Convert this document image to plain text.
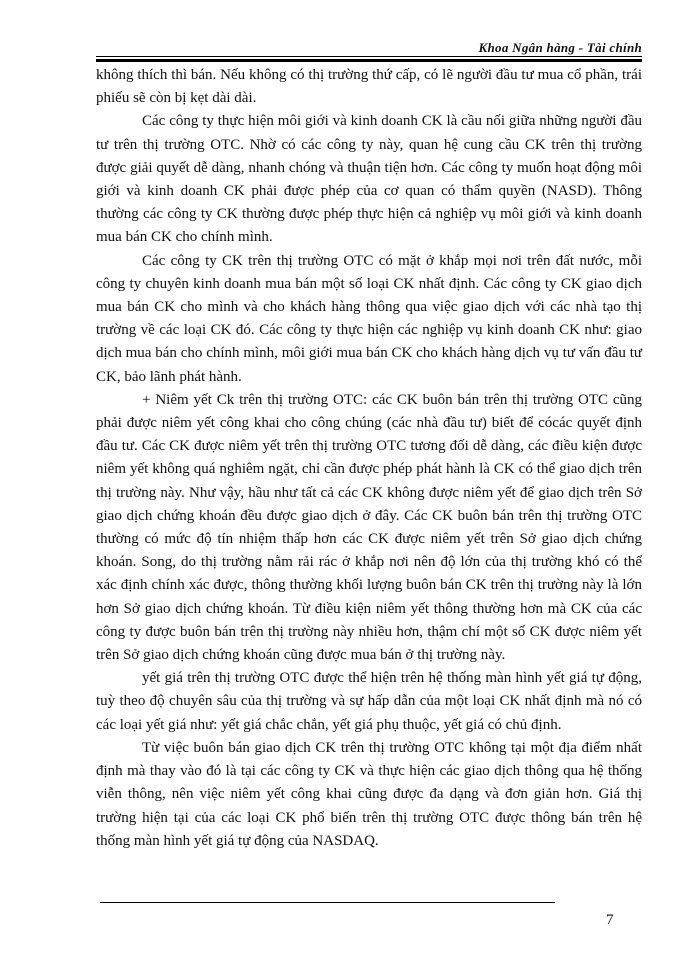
Khoa Ngân hàng - Tài chính

không thích thì bán. Nếu không có thị trường thứ cấp, có lẽ người đầu tư mua cổ phần, trái phiếu sẽ còn bị kẹt dài dài.

Các công ty thực hiện môi giới và kinh doanh CK là cầu nối giữa những người đầu tư trên thị trường OTC. Nhờ có các công ty này, quan hệ cung cầu CK trên thị trường được giải quyết dễ dàng, nhanh chóng và thuận tiện hơn. Các công ty muốn hoạt động môi giới và kinh doanh CK phải được phép của cơ quan có thẩm quyền (NASD). Thông thường các công ty CK thường được phép thực hiện cả nghiệp vụ môi giới và kinh doanh mua bán CK cho chính mình.

Các công ty CK trên thị trường OTC có mặt ở khắp mọi nơi trên đất nước, mỗi công ty chuyên kinh doanh mua bán một số loại CK nhất định. Các công ty CK giao dịch mua bán CK cho mình và cho khách hàng thông qua việc giao dịch với các nhà tạo thị trường về các loại CK đó. Các công ty thực hiện các nghiệp vụ kinh doanh CK như: giao dịch mua bán cho chính mình, môi giới mua bán CK cho khách hàng dịch vụ tư vấn đầu tư CK, bảo lãnh phát hành.

+ Niêm yết Ck trên thị trường OTC: các CK buôn bán trên thị trường OTC cũng phải được niêm yết công khai cho công chúng (các nhà đầu tư) biết để cócác quyết định đầu tư. Các CK được niêm yết trên thị trường OTC tương đối dễ dàng, các điều kiện được niêm yết không quá nghiêm ngặt, chỉ cần được phép phát hành là CK có thể giao dịch trên thị trường này. Như vậy, hầu như tất cả các CK không được niêm yết để giao dịch trên Sở giao dịch chứng khoán đều được giao dịch ở đây. Các CK buôn bán trên thị trường OTC thường có mức độ tín nhiệm thấp hơn các CK được niêm yết trên Sở giao dịch chứng khoán. Song, do thị trường nằm rải rác ở khắp nơi nên độ lớn của thị trường khó có thể xác định chính xác được, thông thường khối lượng buôn bán CK trên thị trường này là lớn hơn Sở giao dịch chứng khoán. Từ điều kiện niêm yết thông thường hơn mà CK của các công ty được buôn bán trên thị trường này nhiều hơn, thậm chí một số CK được niêm yết trên Sở giao dịch chứng khoán cũng được mua bán ở thị trường này.

yết giá trên thị trường OTC được thể hiện trên hệ thống màn hình yết giá tự động, tuỳ theo độ chuyên sâu của thị trường và sự hấp dẫn của một loại CK nhất định mà nó có các loại yết giá như: yết giá chắc chắn, yết giá phụ thuộc, yết giá có chủ định.

Từ việc buôn bán giao dịch CK trên thị trường OTC không tại một địa điểm nhất định mà thay vào đó là tại các công ty CK và thực hiện các giao dịch thông qua hệ thống viễn thông, nên việc niêm yết công khai cũng được đa dạng và đơn giản hơn. Giá thị trường hiện tại của các loại CK phổ biến trên thị trường OTC được thông bán trên hệ thống màn hình yết giá tự động của NASDAQ.

7
